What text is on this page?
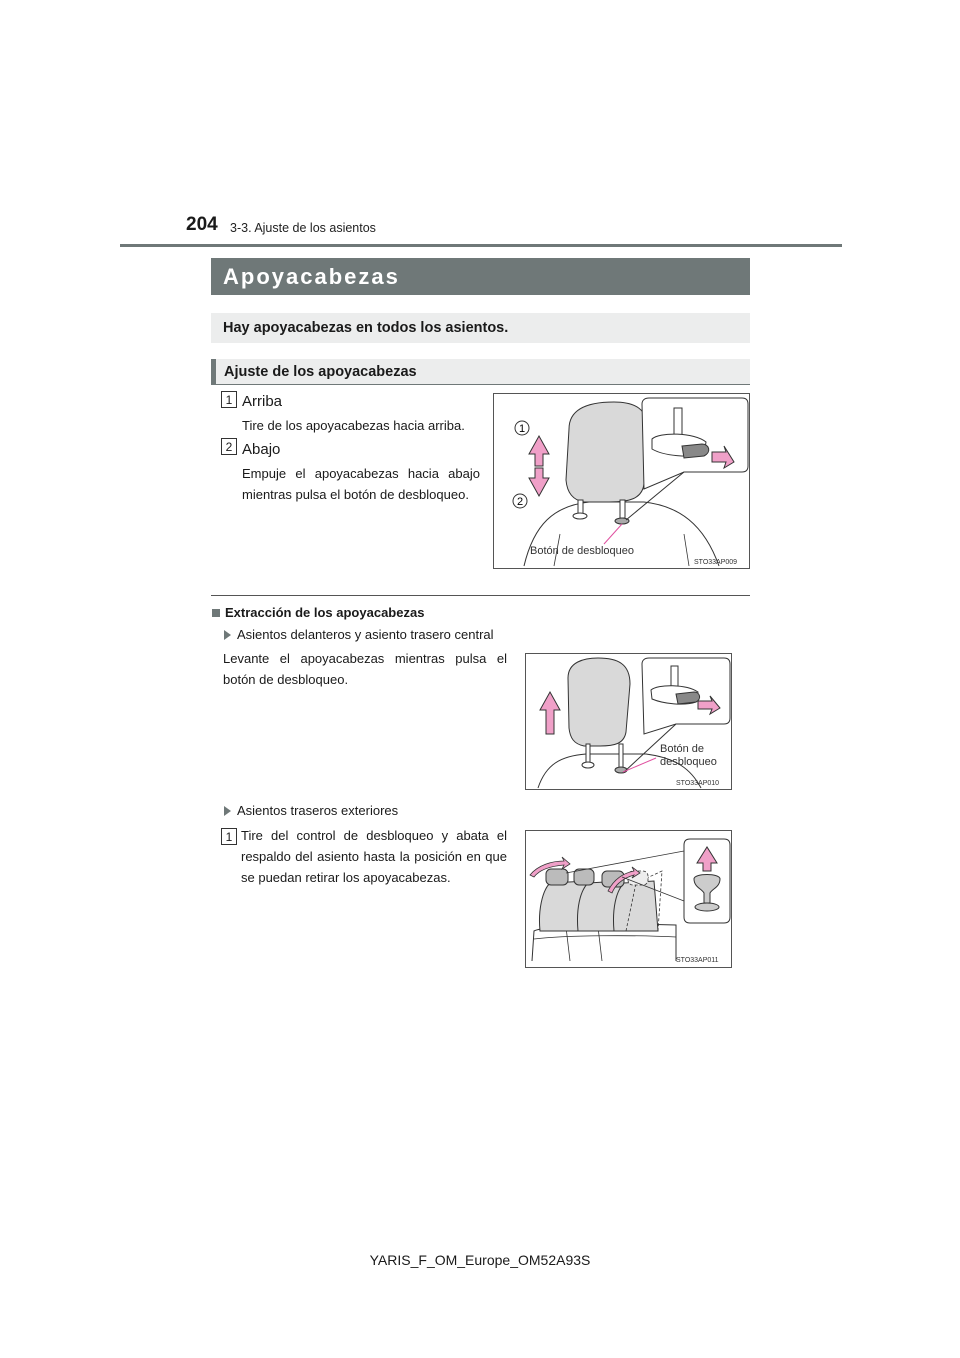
204 3-3. Ajuste de los asientos
Apoyacabezas
Hay apoyacabezas en todos los asientos.
Ajuste de los apoyacabezas
1 Arriba
Tire de los apoyacabezas hacia arriba.
2 Abajo
Empuje el apoyacabezas hacia abajo mientras pulsa el botón de desbloqueo.
1
2
Botón de desbloqueo
STO33AP009
Extracción de los apoyacabezas
Asientos delanteros y asiento trasero central
Levante el apoyacabezas mientras pulsa el botón de desbloqueo.
Botón de
desbloqueo
STO33AP010
Asientos traseros exteriores
1 Tire del control de desbloqueo y abata el respaldo del asiento hasta la posición en que se puedan retirar los apoyacabezas.
STO33AP011
YARIS_F_OM_Europe_OM52A93S
